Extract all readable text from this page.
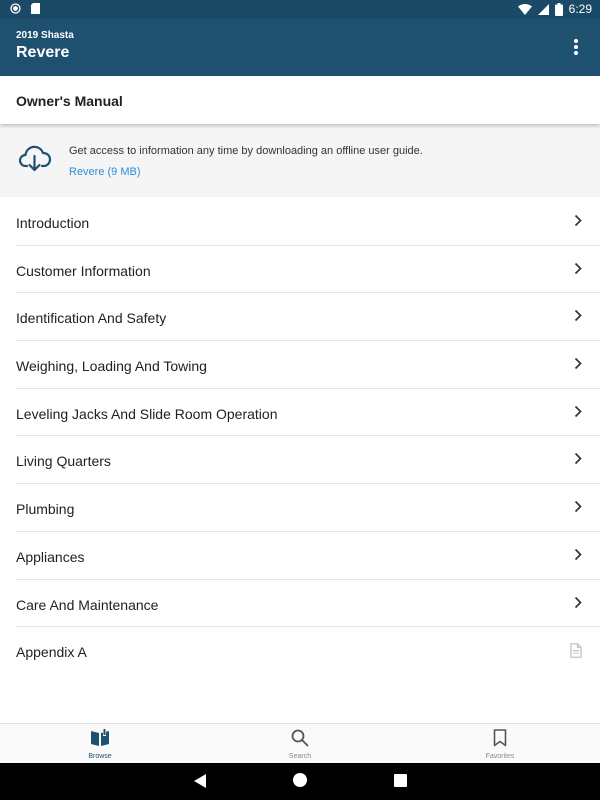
6:29
2019 Shasta
Revere
Owner's Manual
Get access to information any time by downloading an offline user guide.
Revere (9 MB)
Introduction
Customer Information
Identification And Safety
Weighing, Loading And Towing
Leveling Jacks And Slide Room Operation
Living Quarters
Plumbing
Appliances
Care And Maintenance
Appendix A
Browse	Search	Favorites
